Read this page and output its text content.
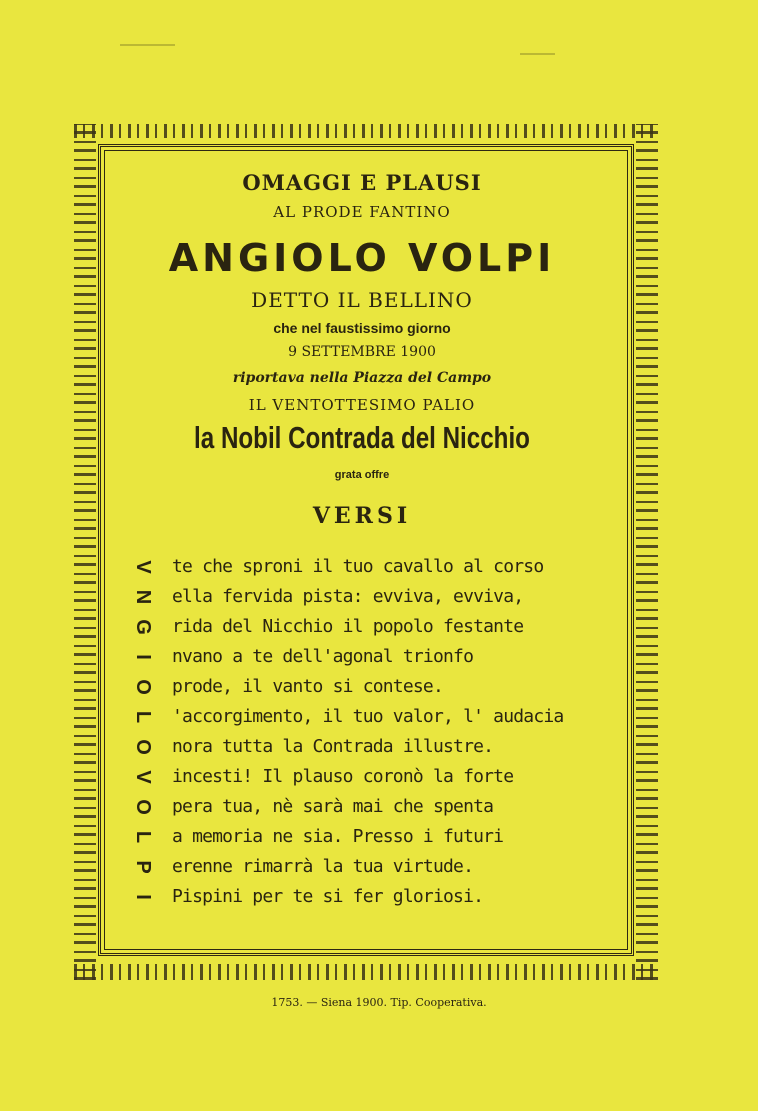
OMAGGI E PLAUSI
AL PRODE FANTINO
ANGIOLO VOLPI
DETTO IL BELLINO
che nel faustissimo giorno
9 SETTEMBRE 1900
riportava nella Piazza del Campo
IL VENTOTTESIMO PALIO
la Nobil Contrada del Nicchio
grata offre
VERSI
V
N
G
I
O
L
O
V
O
L
P
I
te che sproni il tuo cavallo al corso
ella fervida pista: evviva, evviva,
rida del Nicchio il popolo festante
nvano a te dell'agonal trionfo
prode, il vanto si contese.
'accorgimento, il tuo valor, l' audacia
nora tutta la Contrada illustre.
incesti! Il plauso coronò la forte
pera tua, nè sarà mai che spenta
a memoria ne sia. Presso i futuri
erenne rimarrà la tua virtude.
Pispini per te si fer gloriosi.
1753. — Siena 1900. Tip. Cooperativa.
